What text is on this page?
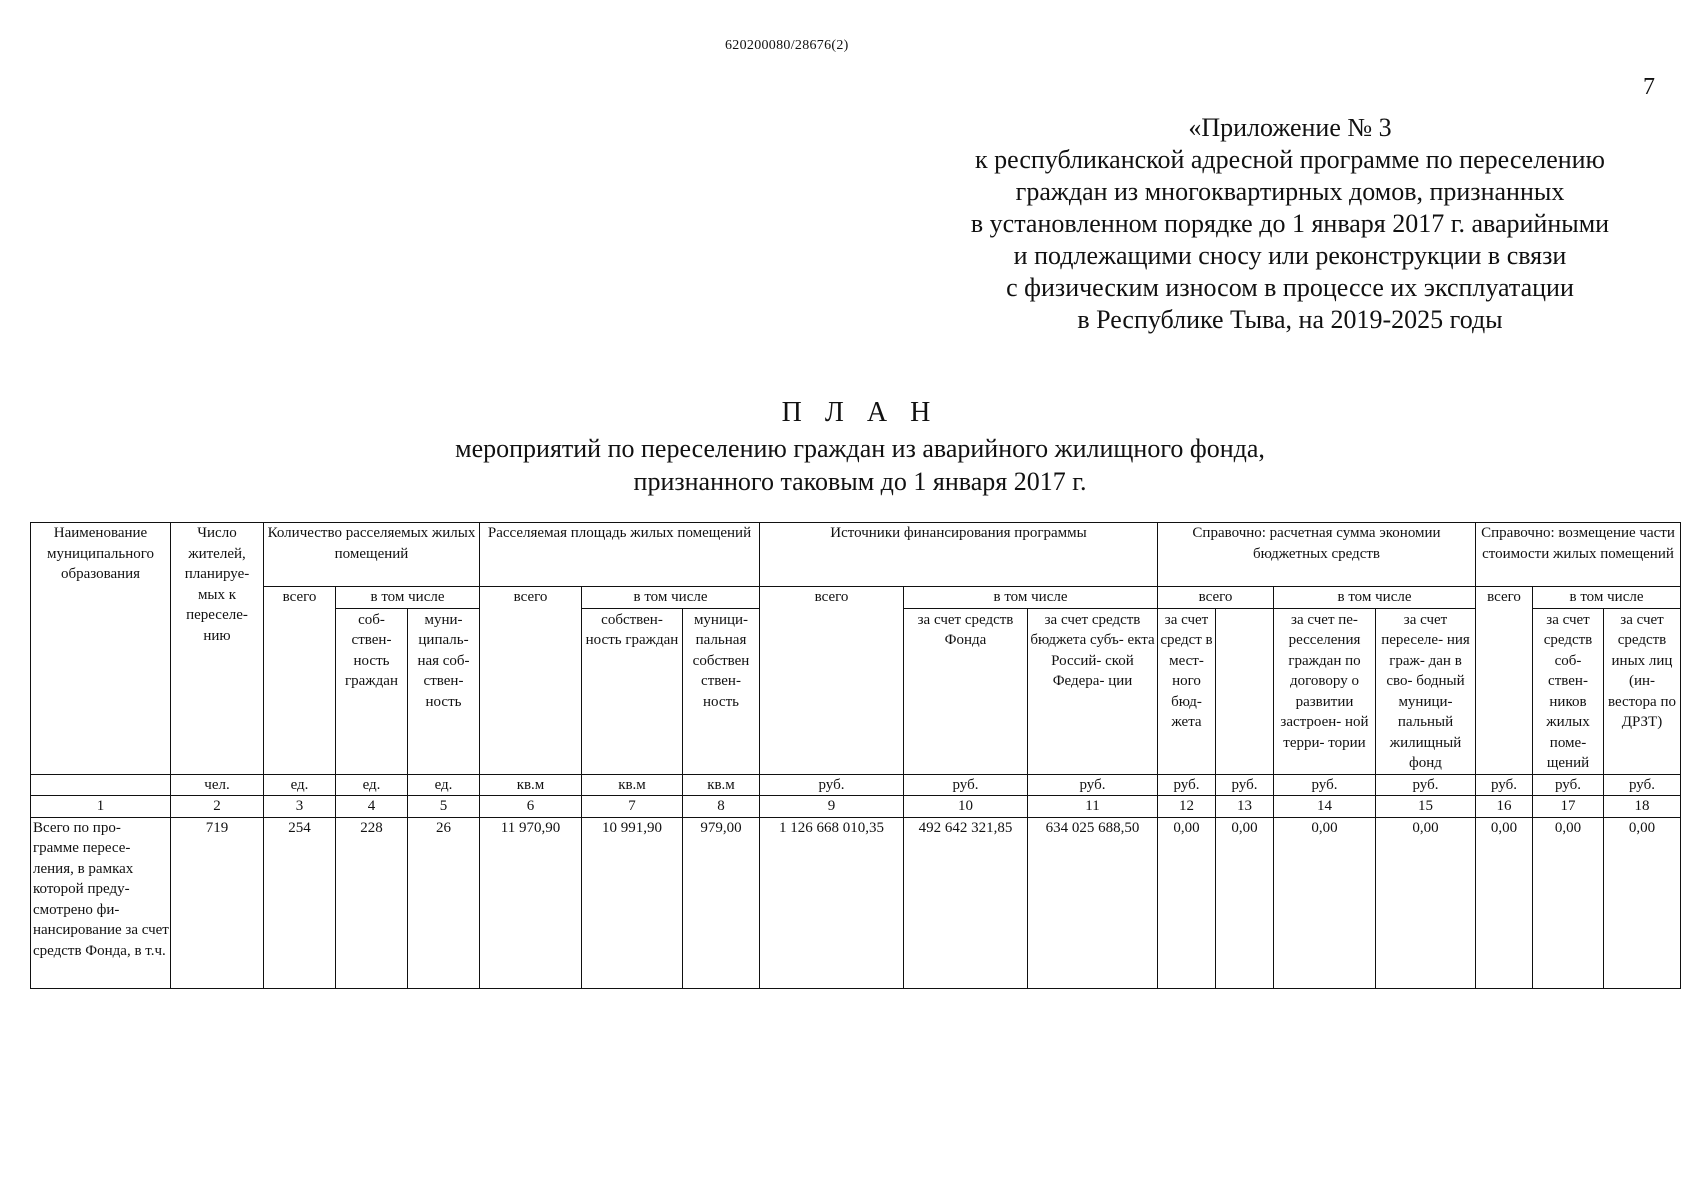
620200080/28676(2)
7
«Приложение № 3
к республиканской адресной программе по переселению
граждан из многоквартирных домов, признанных
в установленном порядке до 1 января 2017 г. аварийными
и подлежащими сносу или реконструкции в связи
с физическим износом в процессе их эксплуатации
в Республике Тыва, на 2019-2025 годы
П Л А Н
мероприятий по переселению граждан из аварийного жилищного фонда,
признанного таковым до 1 января 2017 г.
Наименование муниципального образования	Число жителей, планируе- мых к переселе- нию	Количество расселяемых жилых помещений			Расселяемая площадь жилых помещений			Источники финансирования программы			Справочно: расчетная сумма экономии бюджетных средств				Справочно: возмещение части стоимости жилых помещений		
		всего	в том числе		всего	в том числе		всего	в том числе		всего		в том числе		всего	в том числе	
			соб- ствен- ность граждан	муни- ципаль- ная соб- ствен- ность		собствен- ность граждан	муници- пальная собствен ствен- ность		за счет средств Фонда	за счет средств бюджета субъ- екта Россий- ской Федера- ции	за счет средст в мест- ного бюд- жета		за счет пе- ресселения граждан по договору о развитии застроен- ной терри- тории	за счет переселе- ния граж- дан в сво- бодный муници- пальный жилищный фонд		за счет средств соб- ствен- ников жилых поме- щений	за счет средств иных лиц (ин- вестора по ДРЗТ)
	чел.	ед.	ед.	ед.	кв.м	кв.м	кв.м	руб.	руб.	руб.	руб.	руб.	руб.	руб.	руб.	руб.	руб.
1	2	3	4	5	6	7	8	9	10	11	12	13	14	15	16	17	18
Всего по про- грамме пересе- ления, в рамках которой преду- смотрено фи- нансирование за счет средств Фонда, в т.ч.	719	254	228	26	11 970,90	10 991,90	979,00	1 126 668 010,35	492 642 321,85	634 025 688,50	0,00	0,00	0,00	0,00	0,00	0,00	0,00
